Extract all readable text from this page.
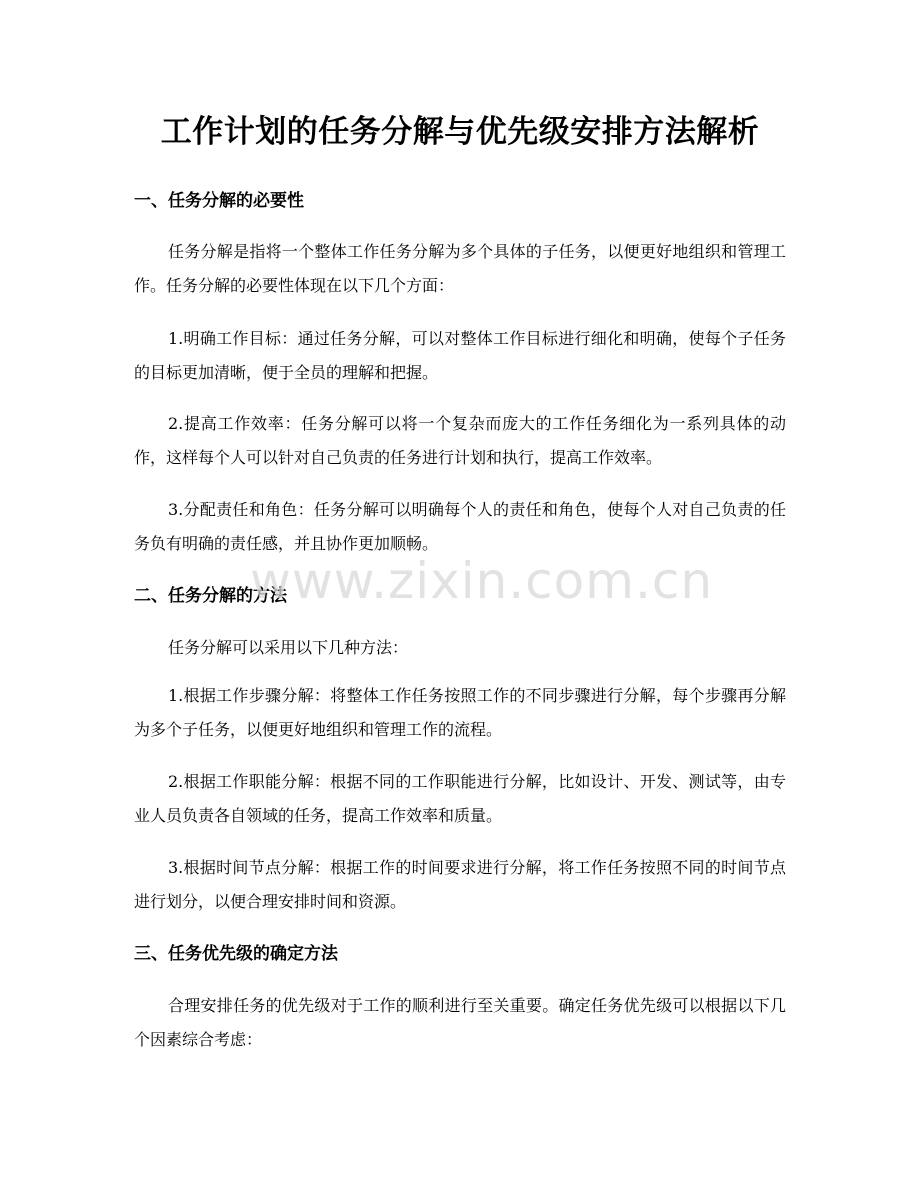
工作计划的任务分解与优先级安排方法解析
一、任务分解的必要性
任务分解是指将一个整体工作任务分解为多个具体的子任务，以便更好地组织和管理工作。任务分解的必要性体现在以下几个方面：
1.明确工作目标：通过任务分解，可以对整体工作目标进行细化和明确，使每个子任务的目标更加清晰，便于全员的理解和把握。
2.提高工作效率：任务分解可以将一个复杂而庞大的工作任务细化为一系列具体的动作，这样每个人可以针对自己负责的任务进行计划和执行，提高工作效率。
3.分配责任和角色：任务分解可以明确每个人的责任和角色，使每个人对自己负责的任务负有明确的责任感，并且协作更加顺畅。
二、任务分解的方法
任务分解可以采用以下几种方法：
1.根据工作步骤分解：将整体工作任务按照工作的不同步骤进行分解，每个步骤再分解为多个子任务，以便更好地组织和管理工作的流程。
2.根据工作职能分解：根据不同的工作职能进行分解，比如设计、开发、测试等，由专业人员负责各自领域的任务，提高工作效率和质量。
3.根据时间节点分解：根据工作的时间要求进行分解，将工作任务按照不同的时间节点进行划分，以便合理安排时间和资源。
三、任务优先级的确定方法
合理安排任务的优先级对于工作的顺利进行至关重要。确定任务优先级可以根据以下几个因素综合考虑：
www.zixin.com.cn
